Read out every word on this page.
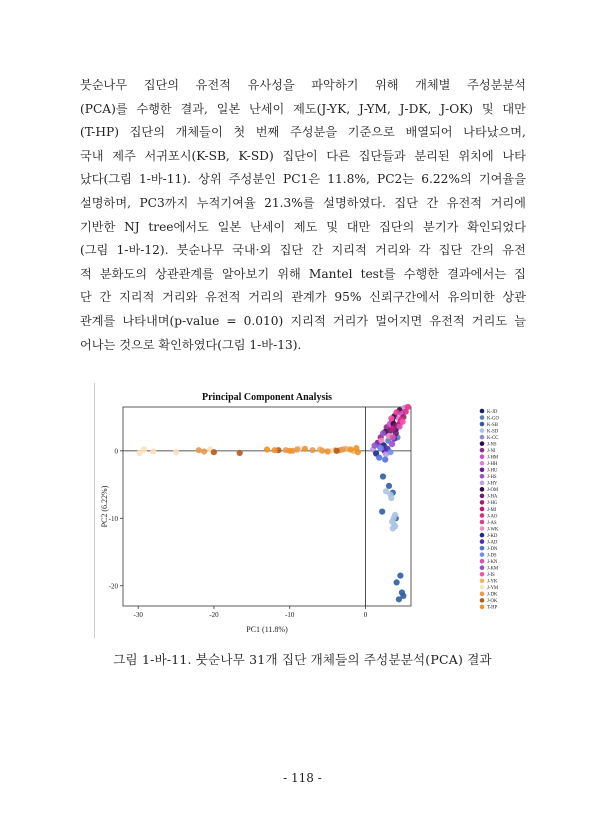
붓순나무 집단의 유전적 유사성을 파악하기 위해 개체별 주성분분석
(PCA)를 수행한 결과, 일본 난세이 제도(J-YK, J-YM, J-DK, J-OK) 및 대만
(T-HP) 집단의 개체들이 첫 번째 주성분을 기준으로 배열되어 나타났으며,
국내 제주 서귀포시(K-SB, K-SD) 집단이 다른 집단들과 분리된 위치에 나타
났다(그림 1-바-11). 상위 주성분인 PC1은 11.8%, PC2는 6.22%의 기여율을
설명하며, PC3까지 누적기여율 21.3%를 설명하였다. 집단 간 유전적 거리에
기반한 NJ tree에서도 일본 난세이 제도 및 대만 집단의 분기가 확인되었다
(그림 1-바-12). 붓순나무 국내·외 집단 간 지리적 거리와 각 집단 간의 유전
적 분화도의 상관관계를 알아보기 위해 Mantel test를 수행한 결과에서는 집
단 간 지리적 거리와 유전적 거리의 관계가 95% 신뢰구간에서 유의미한 상관
관계를 나타내며(p-value = 0.010) 지리적 거리가 멀어지면 유전적 거리도 늘
어나는 것으로 확인하였다(그림 1-바-13).
Principal Component Analysis
-30	-20	-10	0
0
-10
-20
PC1 (11.8%)
PC2 (6.22%)
K-JD
K-GO
K-SB
K-SD
K-CC
J-NS
J-NI
J-HM
J-HH
J-HU
J-HS
J-HY
J-OM
J-HA
J-HG
J-MI
J-AO
J-AS
J-WK
J-KD
J-AD
J-DN
J-DS
J-KN
J-KM
J-IS
J-YK
J-YM
J-DK
J-OK
T-HP
그림 1-바-11. 붓순나무 31개 집단 개체들의 주성분분석(PCA) 결과
- 118 -
